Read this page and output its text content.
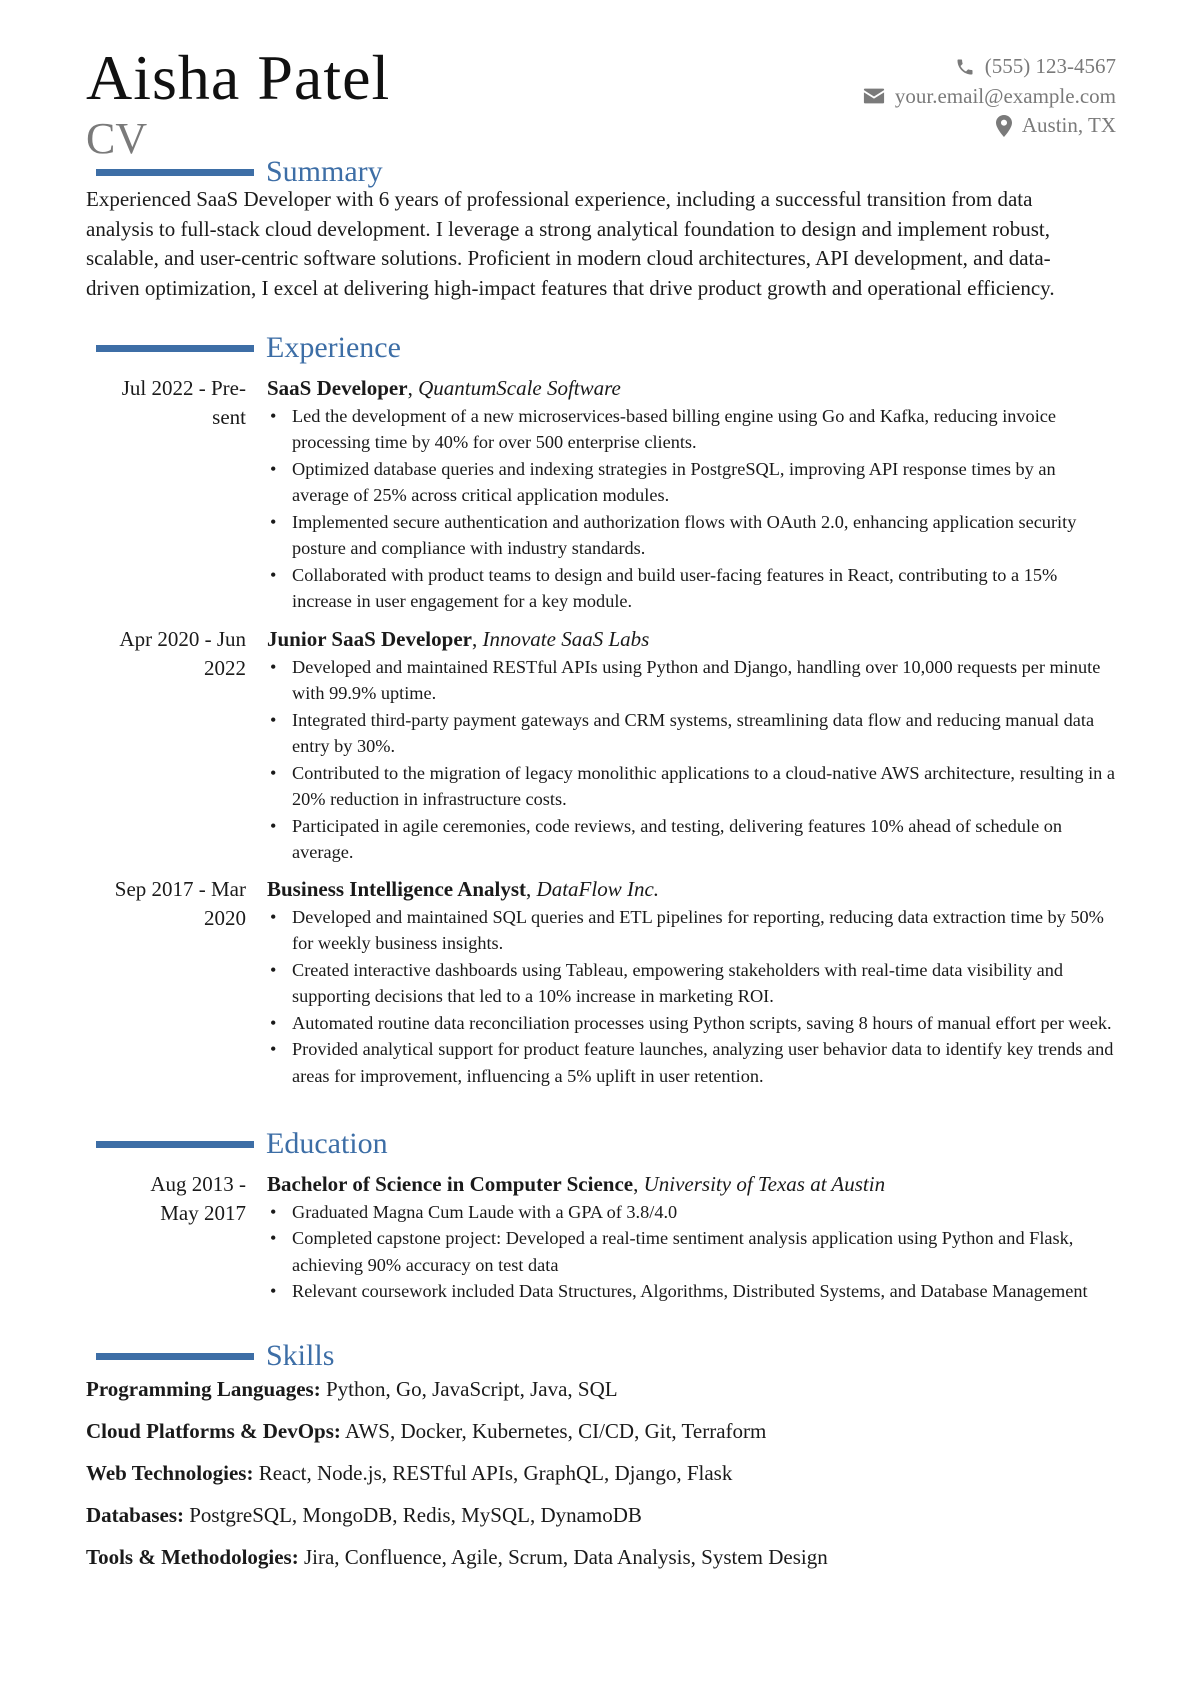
Aisha Patel
CV
(555) 123-4567
your.email@example.com
Austin, TX
Summary
Experienced SaaS Developer with 6 years of professional experience, including a successful transition from data analysis to full-stack cloud development. I leverage a strong analytical foundation to design and implement robust, scalable, and user-centric software solutions. Proficient in modern cloud architectures, API development, and data-driven optimization, I excel at delivering high-impact features that drive product growth and operational efficiency.
Experience
Jul 2022 - Pre-
sent
SaaS Developer, QuantumScale Software
• Led the development of a new microservices-based billing engine using Go and Kafka, reducing invoice processing time by 40% for over 500 enterprise clients.
• Optimized database queries and indexing strategies in PostgreSQL, improving API response times by an average of 25% across critical application modules.
• Implemented secure authentication and authorization flows with OAuth 2.0, enhancing application security posture and compliance with industry standards.
• Collaborated with product teams to design and build user-facing features in React, contributing to a 15% increase in user engagement for a key module.
Apr 2020 - Jun
2022
Junior SaaS Developer, Innovate SaaS Labs
• Developed and maintained RESTful APIs using Python and Django, handling over 10,000 requests per minute with 99.9% uptime.
• Integrated third-party payment gateways and CRM systems, streamlining data flow and reducing manual data entry by 30%.
• Contributed to the migration of legacy monolithic applications to a cloud-native AWS architecture, resulting in a 20% reduction in infrastructure costs.
• Participated in agile ceremonies, code reviews, and testing, delivering features 10% ahead of schedule on average.
Sep 2017 - Mar
2020
Business Intelligence Analyst, DataFlow Inc.
• Developed and maintained SQL queries and ETL pipelines for reporting, reducing data extraction time by 50% for weekly business insights.
• Created interactive dashboards using Tableau, empowering stakeholders with real-time data visibility and supporting decisions that led to a 10% increase in marketing ROI.
• Automated routine data reconciliation processes using Python scripts, saving 8 hours of manual effort per week.
• Provided analytical support for product feature launches, analyzing user behavior data to identify key trends and areas for improvement, influencing a 5% uplift in user retention.
Education
Aug 2013 -
May 2017
Bachelor of Science in Computer Science, University of Texas at Austin
• Graduated Magna Cum Laude with a GPA of 3.8/4.0
• Completed capstone project: Developed a real-time sentiment analysis application using Python and Flask, achieving 90% accuracy on test data
• Relevant coursework included Data Structures, Algorithms, Distributed Systems, and Database Management
Skills
Programming Languages: Python, Go, JavaScript, Java, SQL
Cloud Platforms & DevOps: AWS, Docker, Kubernetes, CI/CD, Git, Terraform
Web Technologies: React, Node.js, RESTful APIs, GraphQL, Django, Flask
Databases: PostgreSQL, MongoDB, Redis, MySQL, DynamoDB
Tools & Methodologies: Jira, Confluence, Agile, Scrum, Data Analysis, System Design
